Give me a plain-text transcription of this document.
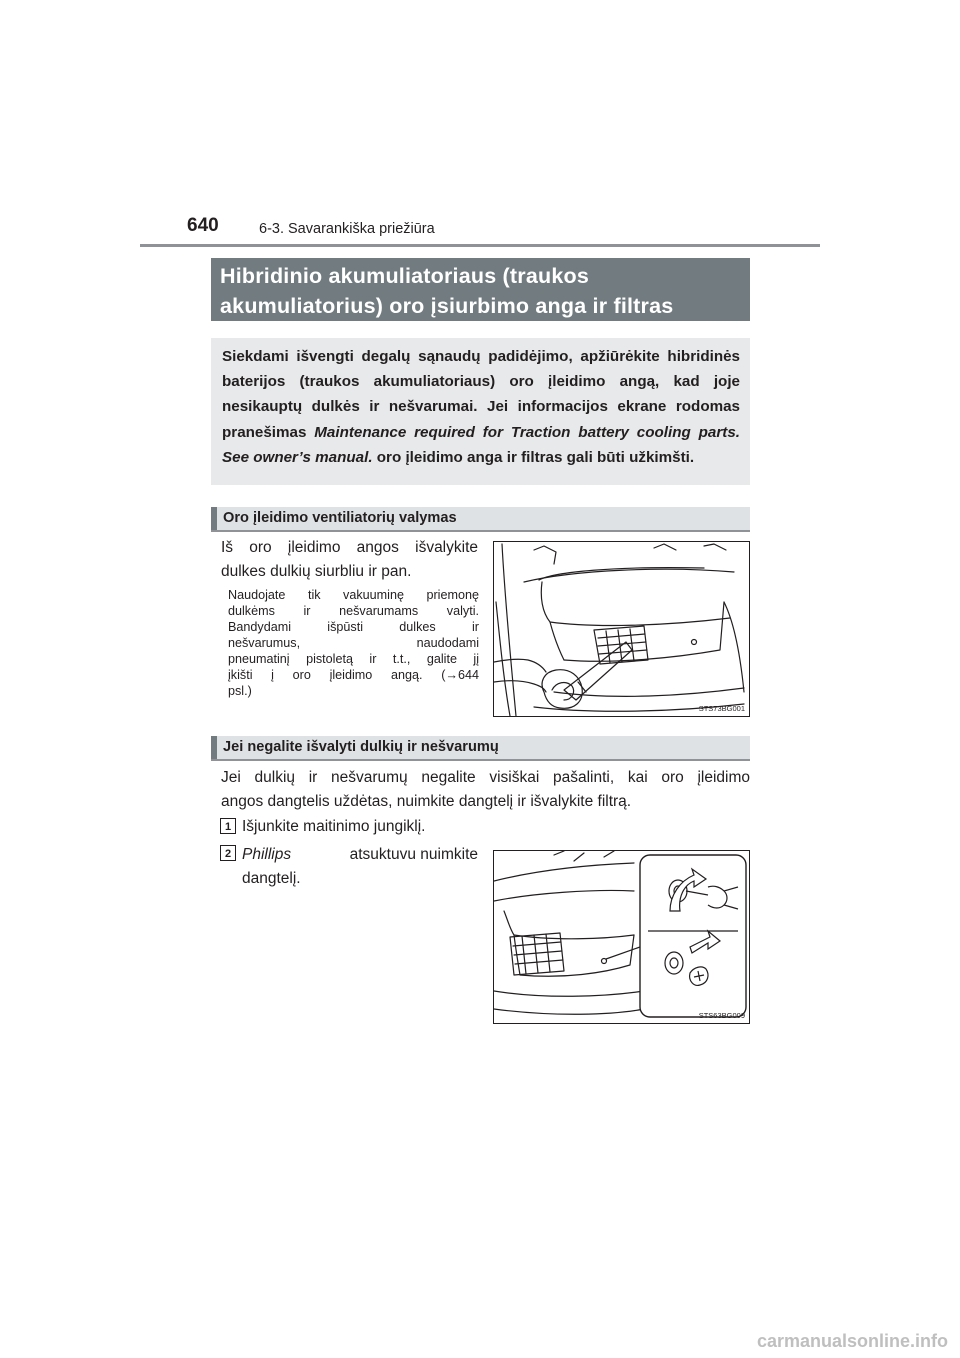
640	6-3. Savarankiška priežiūra
Hibridinio akumuliatoriaus (traukos
akumuliatorius) oro įsiurbimo anga ir filtras
Siekdami išvengti degalų sąnaudų padidėjimo, apžiūrėkite hibridinės baterijos (traukos akumuliatoriaus) oro įleidimo angą, kad joje nesikauptų dulkės ir nešvarumai. Jei informacijos ekrane rodomas pranešimas Maintenance required for Traction battery cooling parts. See owner’s manual. oro įleidimo anga ir filtras gali būti užkimšti.
Oro įleidimo ventiliatorių valymas
Iš oro įleidimo angos išvalykite
dulkes dulkių siurbliu ir pan.
Naudojate tik vakuuminę priemonę
dulkėms ir nešvarumams valyti.
Bandydami išpūsti dulkes ir
nešvarumus, naudodami
pneumatinį pistoletą ir t.t., galite jį
įkišti į oro įleidimo angą. (→644
psl.)
STS73BG001
Jei negalite išvalyti dulkių ir nešvarumų
Jei dulkių ir nešvarumų negalite visiškai pašalinti, kai oro įleidimo
angos dangtelis uždėtas, nuimkite dangtelį ir išvalykite filtrą.
1 Išjunkite maitinimo jungiklį.
2 Phillips	atsuktuvu nuimkite
dangtelį.
STS63BG009
carmanualsonline.info
